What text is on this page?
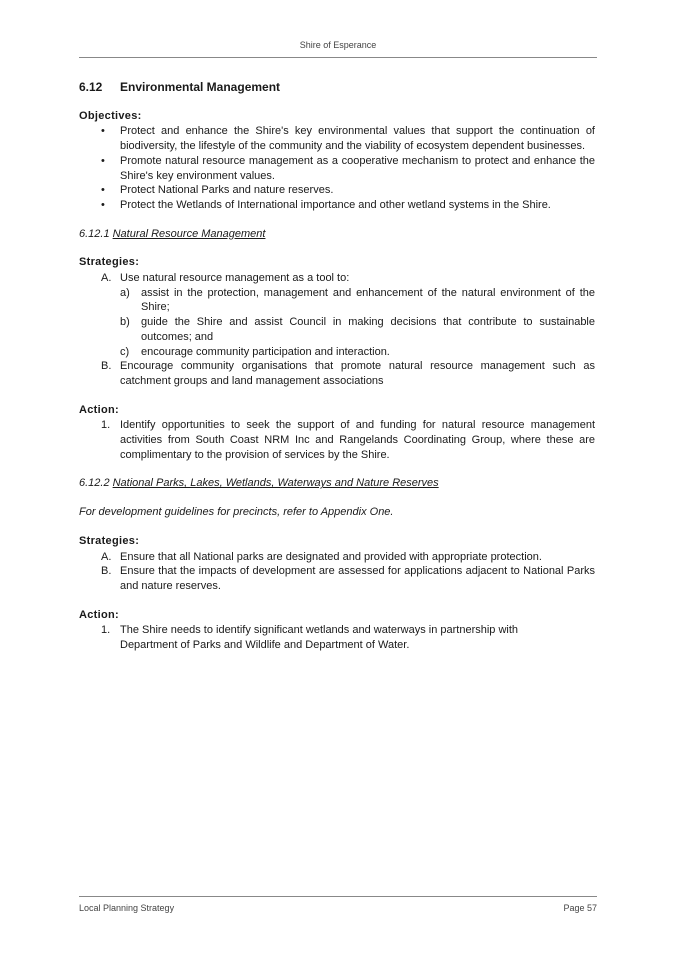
Shire of Esperance
6.12 Environmental Management
Objectives:
• Protect and enhance the Shire's key environmental values that support the continuation of biodiversity, the lifestyle of the community and the viability of ecosystem dependent businesses.
• Promote natural resource management as a cooperative mechanism to protect and enhance the Shire's key environment values.
• Protect National Parks and nature reserves.
• Protect the Wetlands of International importance and other wetland systems in the Shire.
6.12.1 Natural Resource Management
Strategies:
A. Use natural resource management as a tool to:
a) assist in the protection, management and enhancement of the natural environment of the Shire;
b) guide the Shire and assist Council in making decisions that contribute to sustainable outcomes; and
c) encourage community participation and interaction.
B. Encourage community organisations that promote natural resource management such as catchment groups and land management associations
Action:
1. Identify opportunities to seek the support of and funding for natural resource management activities from South Coast NRM Inc and Rangelands Coordinating Group, where these are complimentary to the provision of services by the Shire.
6.12.2 National Parks, Lakes, Wetlands, Waterways and Nature Reserves
For development guidelines for precincts, refer to Appendix One.
Strategies:
A. Ensure that all National parks are designated and provided with appropriate protection.
B. Ensure that the impacts of development are assessed for applications adjacent to National Parks and nature reserves.
Action:
1. The Shire needs to identify significant wetlands and waterways in partnership with Department of Parks and Wildlife and Department of Water.
Local Planning Strategy	Page 57
